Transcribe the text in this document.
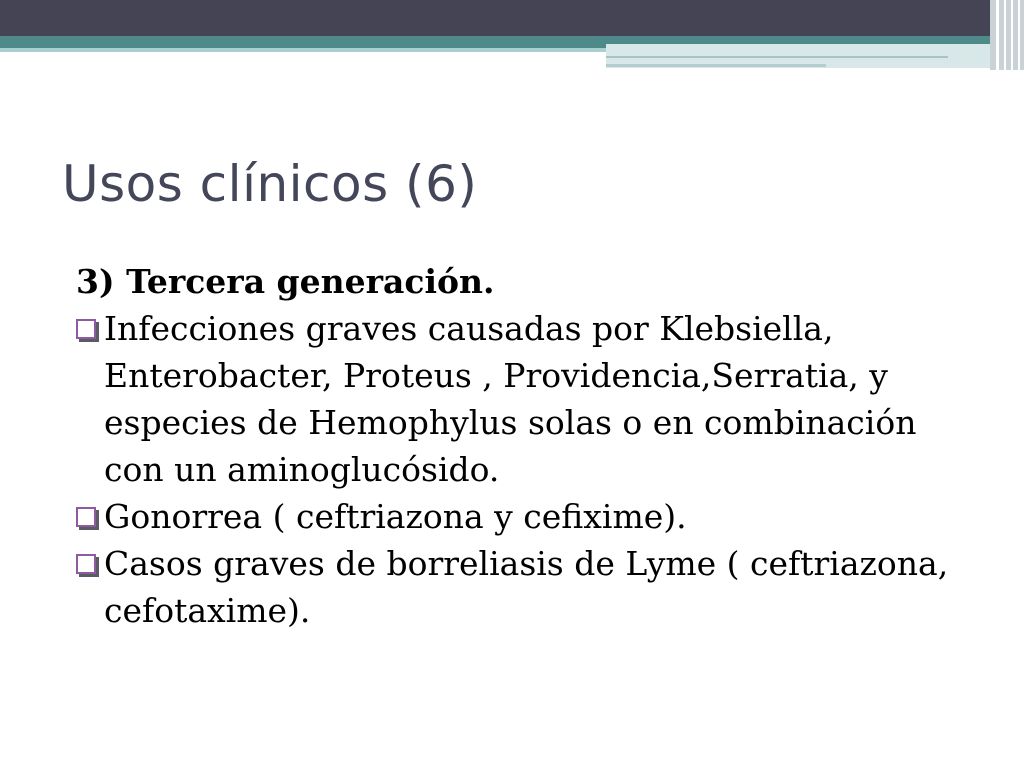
Usos clínicos (6)

3) Tercera generación.

Infecciones graves causadas por Klebsiella, Enterobacter, Proteus , Providencia,Serratia, y especies de Hemophylus solas o en combinación con un aminoglucósido.
Gonorrea ( ceftriazona y cefixime).
Casos graves de borreliasis de Lyme ( ceftriazona, cefotaxime).
